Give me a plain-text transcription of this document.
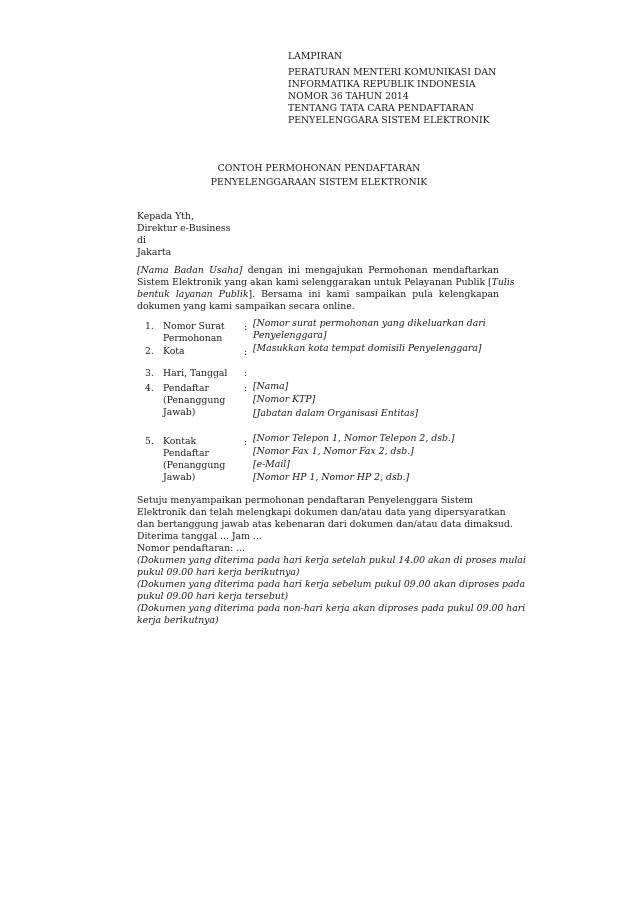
LAMPIRAN
PERATURAN MENTERI KOMUNIKASI DAN
INFORMATIKA REPUBLIK INDONESIA
NOMOR 36 TAHUN 2014
TENTANG TATA CARA PENDAFTARAN
PENYELENGGARA SISTEM ELEKTRONIK
CONTOH PERMOHONAN PENDAFTARAN
PENYELENGGARAAN SISTEM ELEKTRONIK
Kepada Yth,
Direktur e-Business
di
Jakarta
[Nama Badan Usaha] dengan ini mengajukan Permohonan mendaftarkan
Sistem Elektronik yang akan kami selenggarakan untuk Pelayanan Publik [Tulis
bentuk layanan Publik]. Bersama ini kami sampaikan pula kelengkapan
dokumen yang kami sampaikan secara online.
1. Nomor Surat
Permohonan
: [Nomor surat permohonan yang dikeluarkan dari
Penyelenggara]
2. Kota	: [Masukkan kota tempat domisili Penyelenggara]
3. Hari, Tanggal :
4. Pendaftar
(Penanggung
Jawab)
: [Nama]
[Nomor KTP]
[Jabatan dalam Organisasi Entitas]
5. Kontak
Pendaftar
(Penanggung
Jawab)
: [Nomor Telepon 1, Nomor Telepon 2, dsb.]
[Nomor Fax 1, Nomor Fax 2, dsb.]
[e-Mail]
[Nomor HP 1, Nomor HP 2, dsb.]
Setuju menyampaikan permohonan pendaftaran Penyelenggara Sistem
Elektronik dan telah melengkapi dokumen dan/atau data yang dipersyaratkan
dan bertanggung jawab atas kebenaran dari dokumen dan/atau data dimaksud.
Diterima tanggal ... Jam ...
Nomor pendaftaran: ...
(Dokumen yang diterima pada hari kerja setelah pukul 14.00 akan di proses mulai
pukul 09.00 hari kerja berikutnya)
(Dokumen yang diterima pada hari kerja sebelum pukul 09.00 akan diproses pada
pukul 09.00 hari kerja tersebut)
(Dokumen yang diterima pada non-hari kerja akan diproses pada pukul 09.00 hari
kerja berikutnya)
